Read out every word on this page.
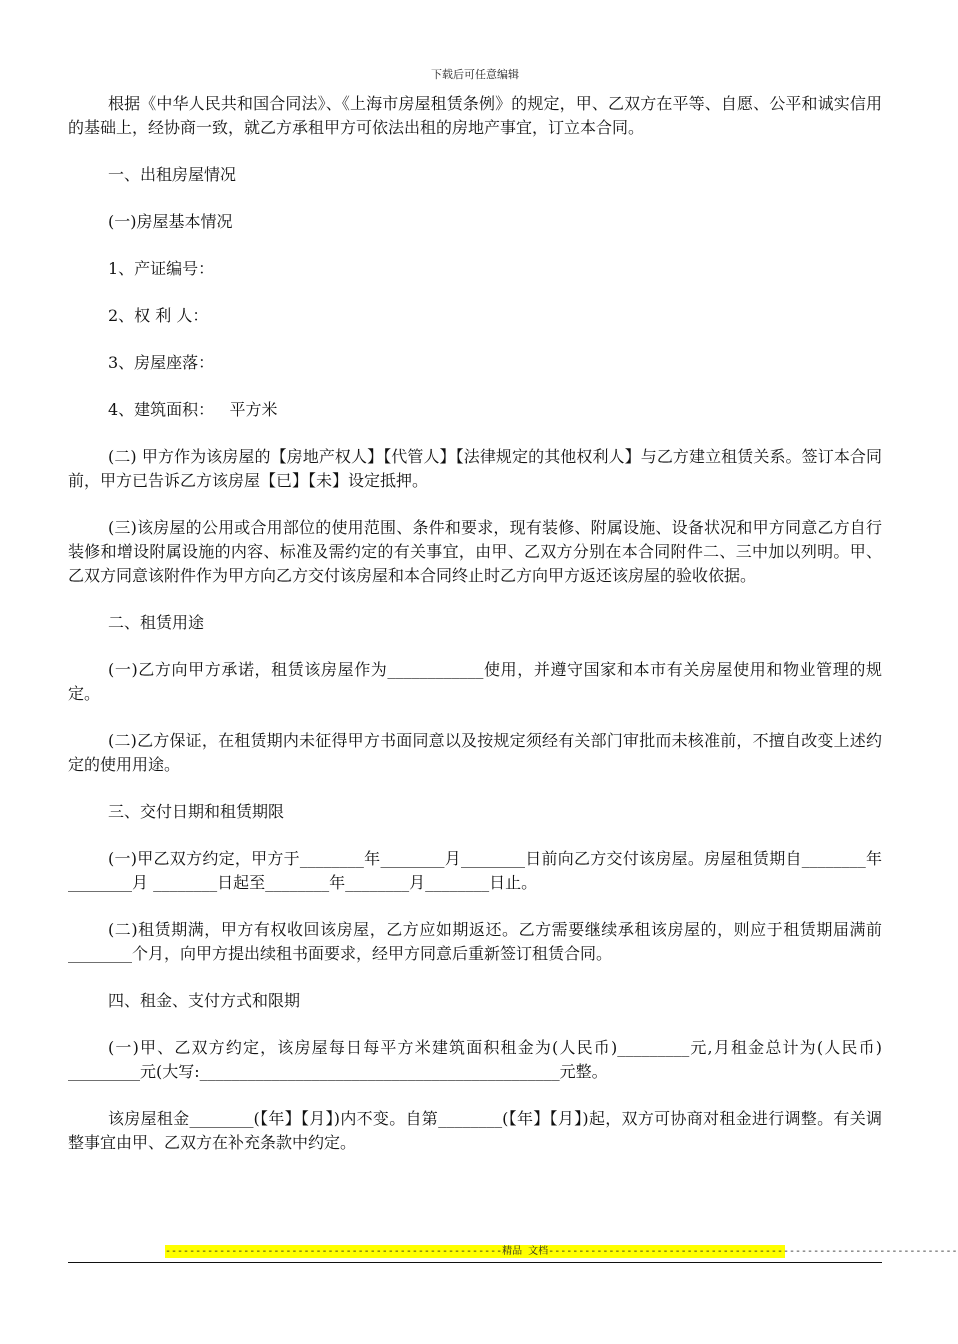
下载后可任意编辑

根据《中华人民共和国合同法》、《上海市房屋租赁条例》的规定，甲、乙双方在平等、自愿、公平和诚实信用的基础上，经协商一致，就乙方承租甲方可依法出租的房地产事宜，订立本合同。

一、出租房屋情况

(一)房屋基本情况

1、产证编号：

2、权 利 人：

3、房屋座落：

4、建筑面积：   平方米

(二) 甲方作为该房屋的【房地产权人】【代管人】【法律规定的其他权利人】与乙方建立租赁关系。签订本合同前，甲方已告诉乙方该房屋【已】【未】设定抵押。

(三)该房屋的公用或合用部位的使用范围、条件和要求，现有装修、附属设施、设备状况和甲方同意乙方自行装修和增设附属设施的内容、标准及需约定的有关事宜，由甲、乙双方分别在本合同附件二、三中加以列明。甲、乙双方同意该附件作为甲方向乙方交付该房屋和本合同终止时乙方向甲方返还该房屋的验收依据。

二、租赁用途

(一)乙方向甲方承诺，租赁该房屋作为____________使用，并遵守国家和本市有关房屋使用和物业管理的规定。

(二)乙方保证，在租赁期内未征得甲方书面同意以及按规定须经有关部门审批而未核准前，不擅自改变上述约定的使用用途。

三、交付日期和租赁期限

(一)甲乙双方约定，甲方于________年________月________日前向乙方交付该房屋。房屋租赁期自________年________月 ________日起至________年________月________日止。

(二)租赁期满，甲方有权收回该房屋，乙方应如期返还。乙方需要继续承租该房屋的，则应于租赁期届满前________个月，向甲方提出续租书面要求，经甲方同意后重新签订租赁合同。

四、租金、支付方式和限期

(一)甲、乙双方约定，该房屋每日每平方米建筑面积租金为(人民币)_________元,月租金总计为(人民币) _________元(大写:_____________________________________________元整。

该房屋租金________(【年】【月】)内不变。自第________(【年】【月】)起，双方可协商对租金进行调整。有关调整事宜由甲、乙双方在补充条款中约定。

--------------------------------------------------------精品 文档--------------------------------------------------------------------
